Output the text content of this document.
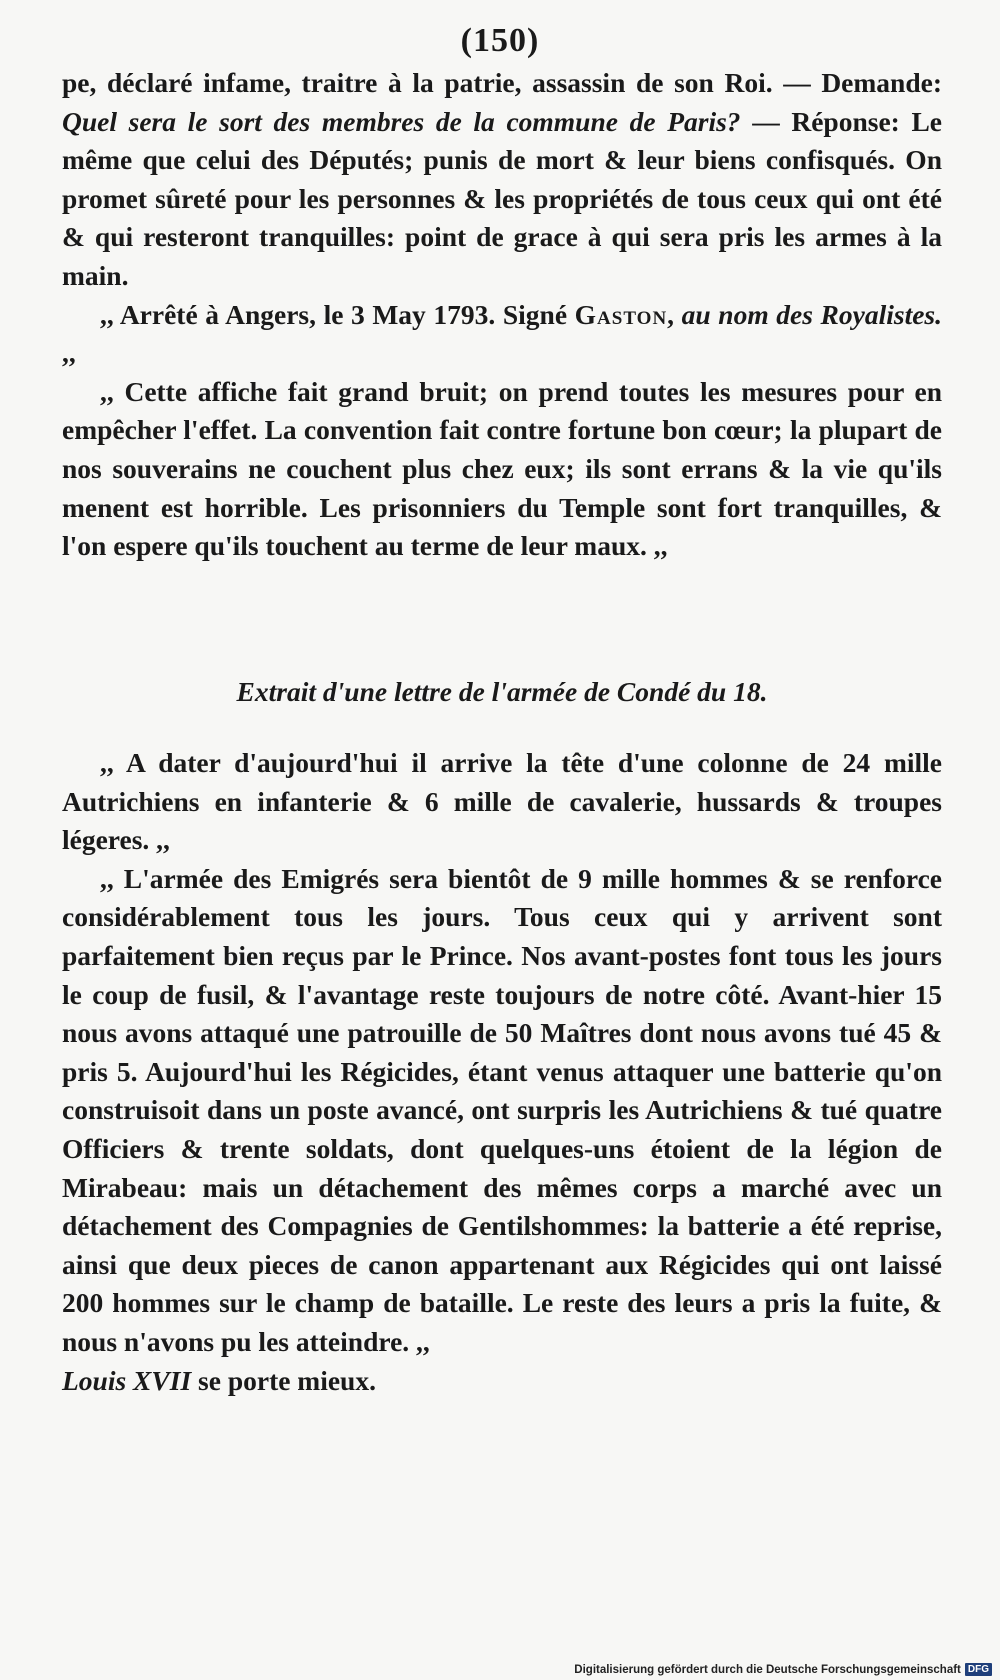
(150)

pe, déclaré infame, traitre à la patrie, assassin de son Roi. — Demande: Quel sera le sort des membres de la commune de Paris? — Réponse: Le même que celui des Députés; punis de mort & leur biens confisqués. On promet sûreté pour les personnes & les propriétés de tous ceux qui ont été & qui resteront tranquilles: point de grace à qui sera pris les armes à la main.

,, Arrêté à Angers, le 3 May 1793. Signé Gaston, au nom des Royalistes. ,,

,, Cette affiche fait grand bruit; on prend toutes les mesures pour en empêcher l'effet. La convention fait contre fortune bon cœur; la plupart de nos souverains ne couchent plus chez eux; ils sont errans & la vie qu'ils menent est horrible. Les prisonniers du Temple sont fort tranquilles, & l'on espere qu'ils touchent au terme de leur maux. ,,

Extrait d'une lettre de l'armée de Condé du 18.

,, A dater d'aujourd'hui il arrive la tête d'une colonne de 24 mille Autrichiens en infanterie & 6 mille de cavalerie, hussards & troupes légeres. ,,

,, L'armée des Emigrés sera bientôt de 9 mille hommes & se renforce considérablement tous les jours. Tous ceux qui y arrivent sont parfaitement bien reçus par le Prince. Nos avant-postes font tous les jours le coup de fusil, & l'avantage reste toujours de notre côté. Avant-hier 15 nous avons attaqué une patrouille de 50 Maîtres dont nous avons tué 45 & pris 5. Aujourd'hui les Régicides, étant venus attaquer une batterie qu'on construisoit dans un poste avancé, ont surpris les Autrichiens & tué quatre Officiers & trente soldats, dont quelques-uns étoient de la légion de Mirabeau: mais un détachement des mêmes corps a marché avec un détachement des Compagnies de Gentilshommes: la batterie a été reprise, ainsi que deux pieces de canon appartenant aux Régicides qui ont laissé 200 hommes sur le champ de bataille. Le reste des leurs a pris la fuite, & nous n'avons pu les atteindre. ,,

Louis XVII se porte mieux.

Digitalisierung gefördert durch die Deutsche Forschungsgemeinschaft DFG
